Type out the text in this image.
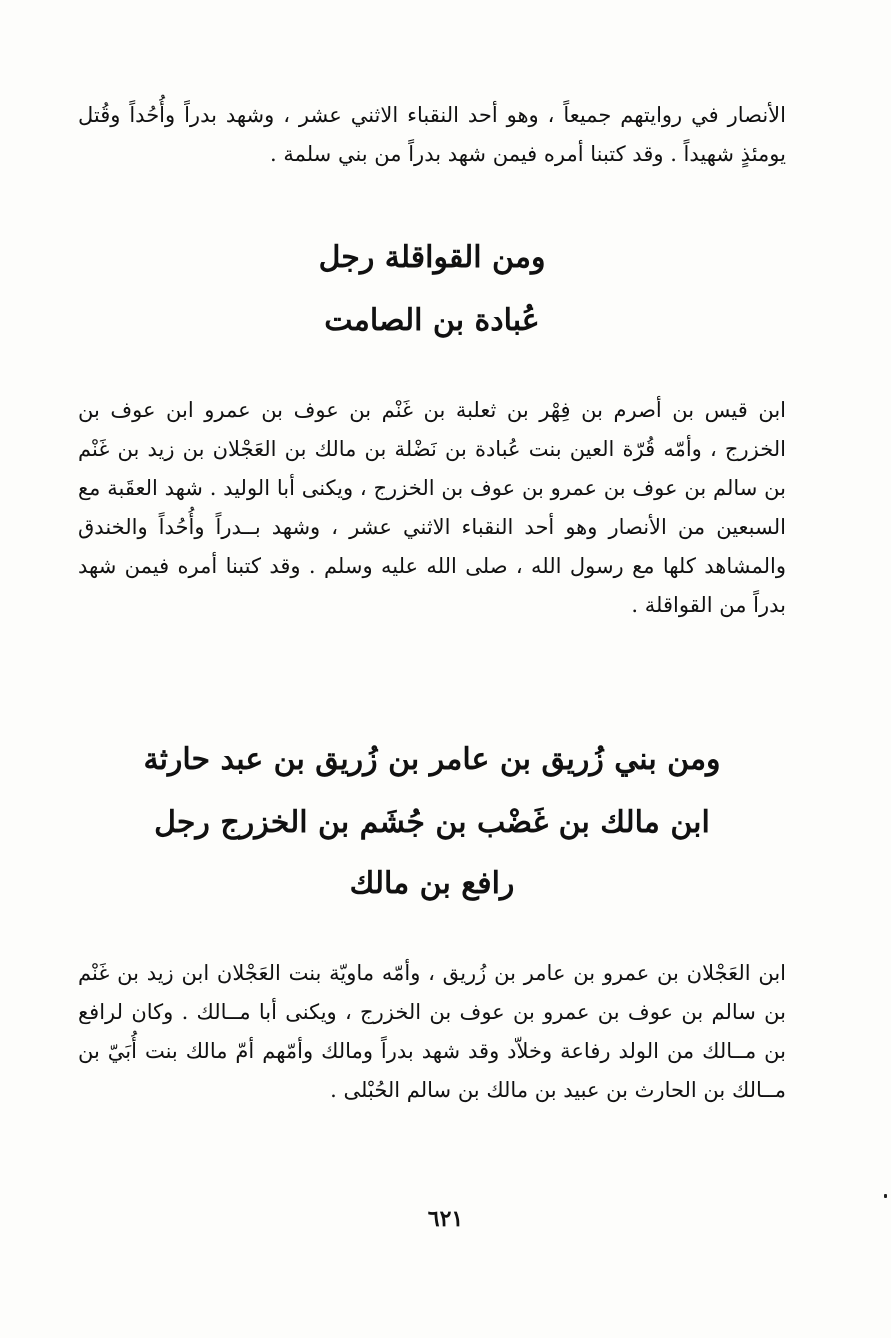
الأنصار في روايتهم جميعاً ، وهو أحد النقباء الاثني عشر ، وشهد بدراً وأُحُداً وقُتل يومئذٍ شهيداً . وقد كتبنا أمره فيمن شهد بدراً من بني سلمة .

ومن القواقلة رجل
عُبادة بن الصامت

ابن قيس بن أصرم بن فِهْر بن ثعلبة بن غَنْم بن عوف بن عمرو ابن عوف بن الخزرج ، وأمّه قُرّة العين بنت عُبادة بن نَضْلة بن مالك بن العَجْلان بن زيد بن غَنْم بن سالم بن عوف بن عمرو بن عوف بن الخزرج ، ويكنى أبا الوليد . شهد العقَبة مع السبعين من الأنصار وهو أحد النقباء الاثني عشر ، وشهد بــدراً وأُحُداً والخندق والمشاهد كلها مع رسول الله ، صلى الله عليه وسلم . وقد كتبنا أمره فيمن شهد بدراً من القواقلة .

ومن بني زُريق بن عامر بن زُريق بن عبد حارثة
ابن مالك بن غَضْب بن جُشَم بن الخزرج رجل
رافع بن مالك

ابن العَجْلان بن عمرو بن عامر بن زُريق ، وأمّه ماويّة بنت العَجْلان ابن زيد بن غَنْم بن سالم بن عوف بن عمرو بن عوف بن الخزرج ، ويكنى أبا مــالك . وكان لرافع بن مــالك من الولد رفاعة وخلاّد وقد شهد بدراً ومالك وأمّهم أمّ مالك بنت أُبَيّ بن مــالك بن الحارث بن عبيد بن مالك بن سالم الحُبْلى .

٦٢١
